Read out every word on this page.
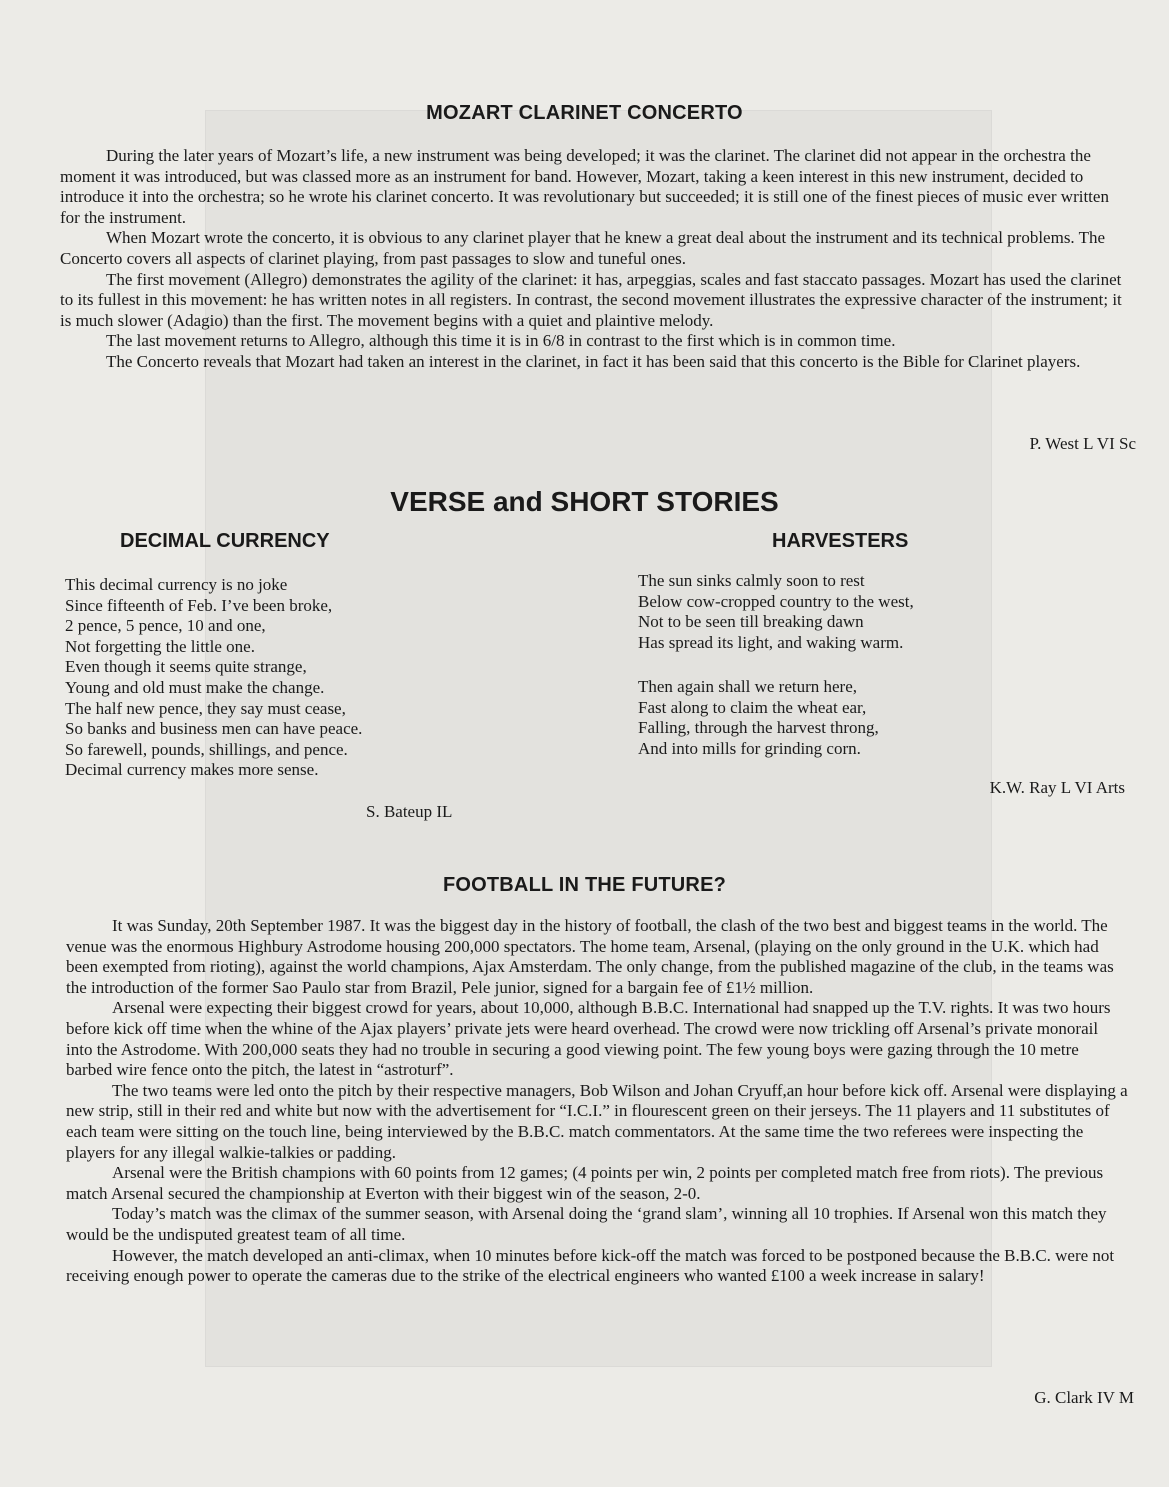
MOZART CLARINET CONCERTO

During the later years of Mozart’s life, a new instrument was being developed; it was the clarinet. The clarinet did not appear in the orchestra the moment it was introduced, but was classed more as an instrument for band. However, Mozart, taking a keen interest in this new instrument, decided to introduce it into the orchestra; so he wrote his clarinet concerto. It was revolutionary but succeeded; it is still one of the finest pieces of music ever written for the instrument.

When Mozart wrote the concerto, it is obvious to any clarinet player that he knew a great deal about the instrument and its technical problems. The Concerto covers all aspects of clarinet playing, from past passages to slow and tuneful ones.

The first movement (Allegro) demonstrates the agility of the clarinet: it has, arpeggias, scales and fast staccato passages. Mozart has used the clarinet to its fullest in this movement: he has written notes in all registers. In contrast, the second movement illustrates the expressive character of the instrument; it is much slower (Adagio) than the first. The movement begins with a quiet and plaintive melody.

The last movement returns to Allegro, although this time it is in 6/8 in contrast to the first which is in common time.

The Concerto reveals that Mozart had taken an interest in the clarinet, in fact it has been said that this concerto is the Bible for Clarinet players.

P. West L VI Sc
VERSE and SHORT STORIES
DECIMAL CURRENCY	HARVESTERS
This decimal currency is no joke
Since fifteenth of Feb. I’ve been broke,
2 pence, 5 pence, 10 and one,
Not forgetting the little one.
Even though it seems quite strange,
Young and old must make the change.
The half new pence, they say must cease,
So banks and business men can have peace.
So farewell, pounds, shillings, and pence.
Decimal currency makes more sense.
S. Bateup IL
The sun sinks calmly soon to rest
Below cow-cropped country to the west,
Not to be seen till breaking dawn
Has spread its light, and waking warm.
Then again shall we return here,
Fast along to claim the wheat ear,
Falling, through the harvest throng,
And into mills for grinding corn.
K.W. Ray L VI Arts
FOOTBALL IN THE FUTURE?

It was Sunday, 20th September 1987. It was the biggest day in the history of football, the clash of the two best and biggest teams in the world. The venue was the enormous Highbury Astrodome housing 200,000 spectators. The home team, Arsenal, (playing on the only ground in the U.K. which had been exempted from rioting), against the world champions, Ajax Amsterdam. The only change, from the published magazine of the club, in the teams was the introduction of the former Sao Paulo star from Brazil, Pele junior, signed for a bargain fee of £1½ million.

Arsenal were expecting their biggest crowd for years, about 10,000, although B.B.C. International had snapped up the T.V. rights. It was two hours before kick off time when the whine of the Ajax players’ private jets were heard overhead. The crowd were now trickling off Arsenal’s private monorail into the Astrodome. With 200,000 seats they had no trouble in securing a good viewing point. The few young boys were gazing through the 10 metre barbed wire fence onto the pitch, the latest in “astroturf”.

The two teams were led onto the pitch by their respective managers, Bob Wilson and Johan Cryuff,an hour before kick off. Arsenal were displaying a new strip, still in their red and white but now with the advertisement for “I.C.I.” in flourescent green on their jerseys. The 11 players and 11 substitutes of each team were sitting on the touch line, being interviewed by the B.B.C. match commentators. At the same time the two referees were inspecting the players for any illegal walkie-talkies or padding.

Arsenal were the British champions with 60 points from 12 games; (4 points per win, 2 points per completed match free from riots). The previous match Arsenal secured the championship at Everton with their biggest win of the season, 2-0.

Today’s match was the climax of the summer season, with Arsenal doing the ‘grand slam’, winning all 10 trophies. If Arsenal won this match they would be the undisputed greatest team of all time.

However, the match developed an anti-climax, when 10 minutes before kick-off the match was forced to be postponed because the B.B.C. were not receiving enough power to operate the cameras due to the strike of the electrical engineers who wanted £100 a week increase in salary!

G. Clark IV M
